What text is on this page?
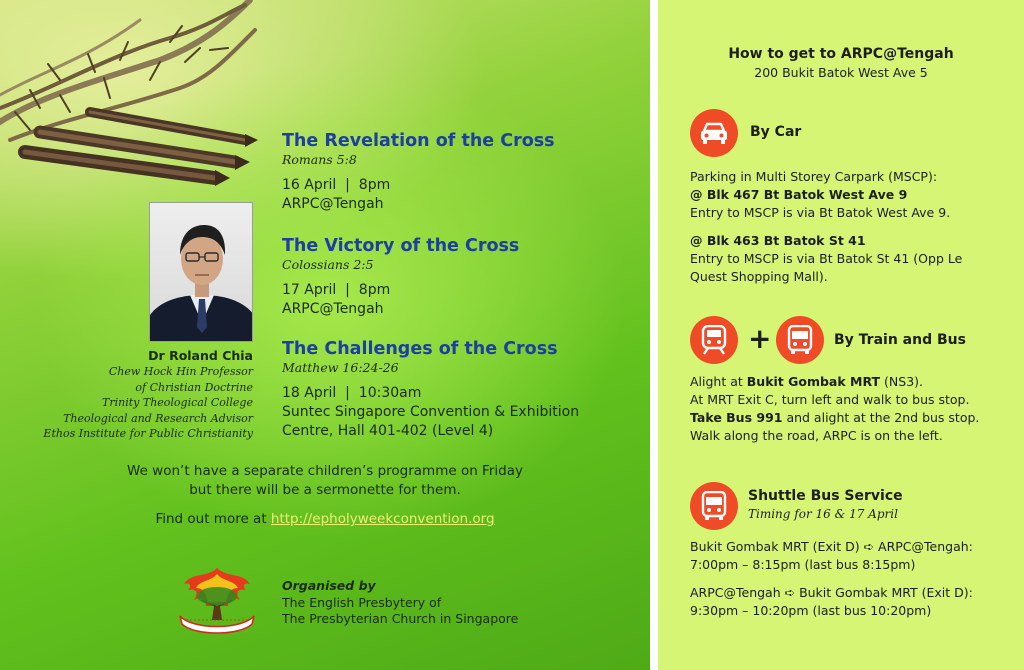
Dr Roland Chia
Chew Hock Hin Professor
of Christian Doctrine
Trinity Theological College
Theological and Research Advisor
Ethos Institute for Public Christianity
The Revelation of the Cross
Romans 5:8
16 April  |  8pm
ARPC@Tengah
The Victory of the Cross
Colossians 2:5
17 April  |  8pm
ARPC@Tengah
The Challenges of the Cross
Matthew 16:24-26
18 April  |  10:30am
Suntec Singapore Convention & Exhibition
Centre, Hall 401-402 (Level 4)
We won’t have a separate children’s programme on Friday
but there will be a sermonette for them.
Find out more at http://epholyweekconvention.org
Organised by
The English Presbytery of
The Presbyterian Church in Singapore
How to get to ARPC@Tengah
200 Bukit Batok West Ave 5
By Car
Parking in Multi Storey Carpark (MSCP):
@ Blk 467 Bt Batok West Ave 9
Entry to MSCP is via Bt Batok West Ave 9.
@ Blk 463 Bt Batok St 41
Entry to MSCP is via Bt Batok St 41 (Opp Le
Quest Shopping Mall).
+	By Train and Bus
Alight at Bukit Gombak MRT (NS3).
At MRT Exit C, turn left and walk to bus stop.
Take Bus 991 and alight at the 2nd bus stop.
Walk along the road, ARPC is on the left.
Shuttle Bus Service
Timing for 16 & 17 April
Bukit Gombak MRT (Exit D) ➪ ARPC@Tengah:
7:00pm – 8:15pm (last bus 8:15pm)
ARPC@Tengah ➪ Bukit Gombak MRT (Exit D):
9:30pm – 10:20pm (last bus 10:20pm)
